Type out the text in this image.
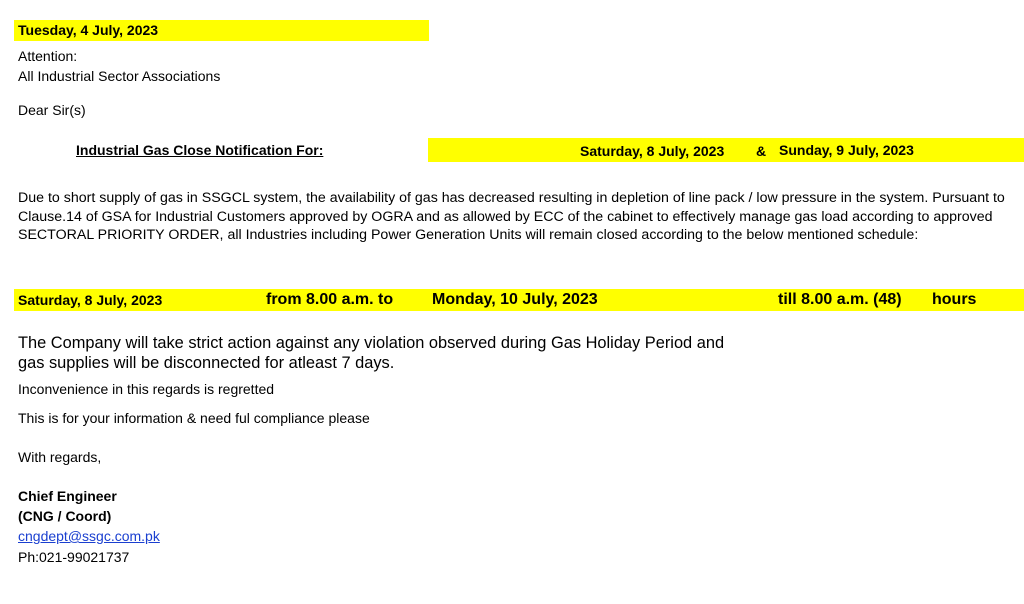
Tuesday, 4 July, 2023
Attention:
All Industrial Sector Associations
Dear Sir(s)
Industrial Gas Close Notification For:	Saturday, 8 July, 2023 & Sunday, 9 July, 2023
Due to short supply of gas in SSGCL system, the availability of gas has decreased resulting in depletion of line pack / low pressure in the system. Pursuant to Clause.14 of GSA for Industrial Customers approved by OGRA and as allowed by ECC of the cabinet to effectively manage gas load according to approved SECTORAL PRIORITY ORDER, all Industries including Power Generation Units will remain closed according to the below mentioned schedule:
Saturday, 8 July, 2023	from 8.00 a.m. to Monday, 10 July, 2023	till 8.00 a.m. (48) hours
The Company will take strict action against any violation observed during Gas Holiday Period and gas supplies will be disconnected for atleast 7 days.
Inconvenience in this regards is regretted
This is for your information & need ful compliance please
With regards,
Chief Engineer
(CNG / Coord)
cngdept@ssgc.com.pk
Ph:021-99021737
